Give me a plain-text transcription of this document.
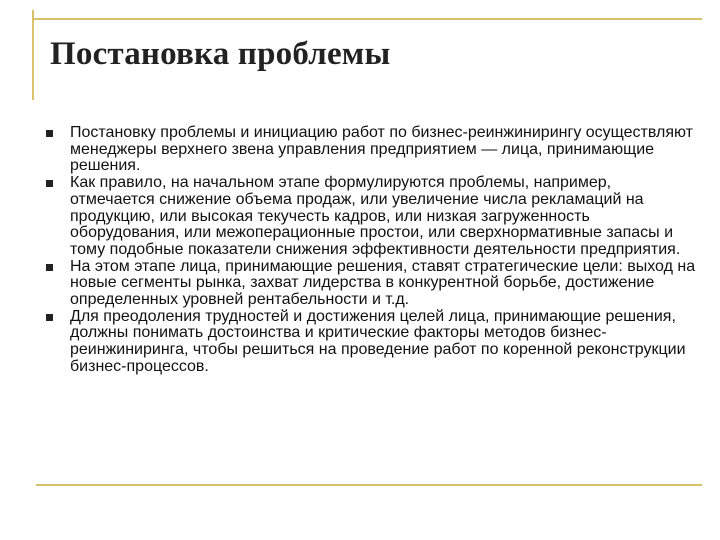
Постановка проблемы
Постановку проблемы и инициацию работ по бизнес-реинжинирингу осуществляют менеджеры верхнего звена управления предприятием — лица, принимающие решения.
Как правило, на начальном этапе формулируются проблемы, например, отмечается снижение объема продаж, или увеличение числа рекламаций на продукцию, или высокая текучесть кадров, или низкая загруженность оборудования, или межоперационные простои, или сверхнормативные запасы и тому подобные показатели снижения эффективности деятельности предприятия.
На этом этапе лица, принимающие решения, ставят стратегические цели: выход на новые сегменты рынка, захват лидерства в конкурентной борьбе, достижение определенных уровней рентабельности и т.д.
Для преодоления трудностей и достижения целей лица, принимающие решения, должны понимать достоинства и критические факторы методов бизнес- реинжиниринга, чтобы решиться на проведение работ по коренной реконструкции бизнес-процессов.
